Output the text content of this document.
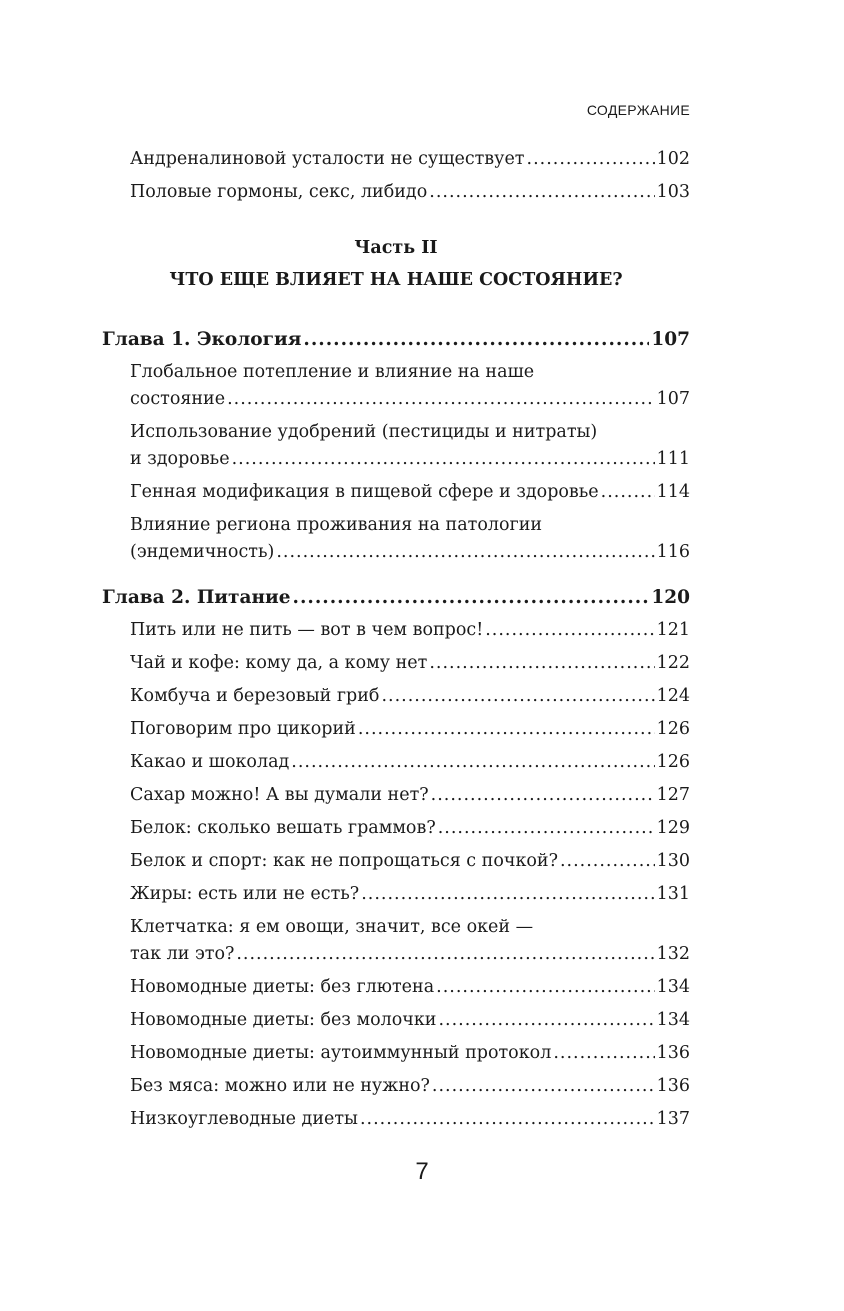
СОДЕРЖАНИЕ
Андреналиновой усталости не существует .....	102
Половые гормоны, секс, либидо .....	103
Часть II
ЧТО ЕЩЕ ВЛИЯЕТ НА НАШЕ СОСТОЯНИЕ?
Глава 1. Экология .....	107
Глобальное потепление и влияние на наше
состояние .....	107
Использование удобрений (пестициды и нитраты)
и здоровье .....	111
Генная модификация в пищевой сфере и здоровье .....	114
Влияние региона проживания на патологии
(эндемичность) .....	116
Глава 2. Питание .....	120
Пить или не пить — вот в чем вопрос! .....	121
Чай и кофе: кому да, а кому нет .....	122
Комбуча и березовый гриб .....	124
Поговорим про цикорий .....	126
Какао и шоколад .....	126
Сахар можно! А вы думали нет? .....	127
Белок: сколько вешать граммов? .....	129
Белок и спорт: как не попрощаться с почкой? .....	130
Жиры: есть или не есть? .....	131
Клетчатка: я ем овощи, значит, все окей —
так ли это? .....	132
Новомодные диеты: без глютена .....	134
Новомодные диеты: без молочки .....	134
Новомодные диеты: аутоиммунный протокол .....	136
Без мяса: можно или не нужно? .....	136
Низкоуглеводные диеты .....	137
7
